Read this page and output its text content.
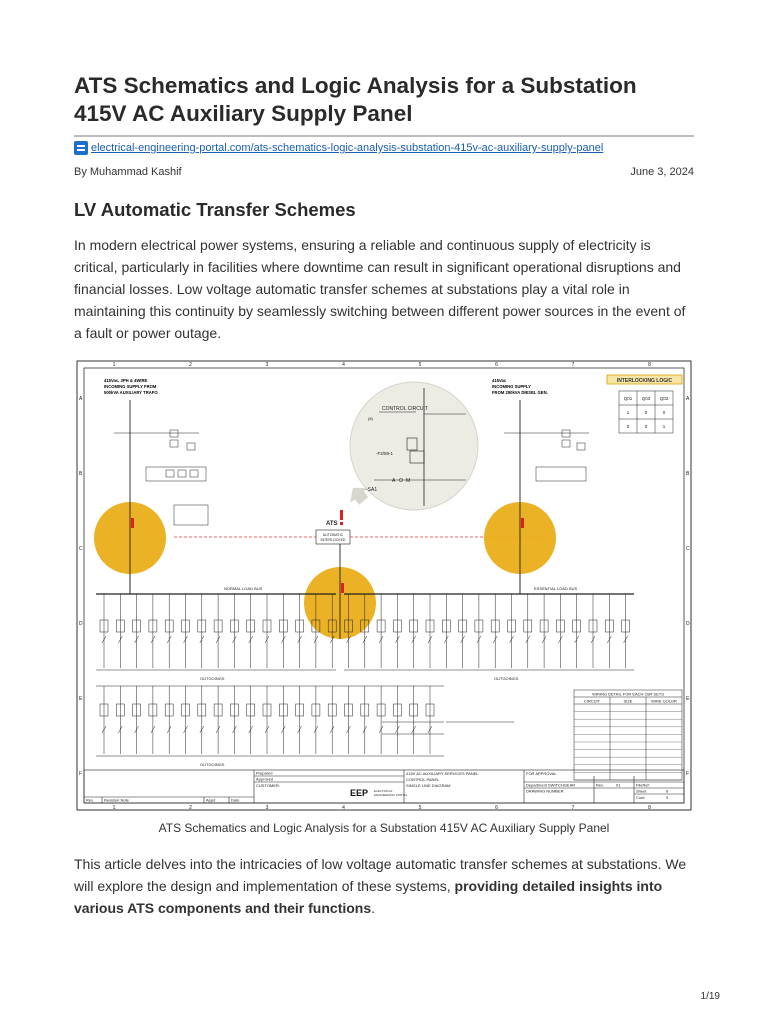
ATS Schematics and Logic Analysis for a Substation 415V AC Auxiliary Supply Panel
electrical-engineering-portal.com/ats-schematics-logic-analysis-substation-415v-ac-auxiliary-supply-panel
By Muhammad Kashif	June 3, 2024
LV Automatic Transfer Schemes

In modern electrical power systems, ensuring a reliable and continuous supply of electricity is critical, particularly in facilities where downtime can result in significant operational disruptions and financial losses. Low voltage automatic transfer schemes at substations play a vital role in maintaining this continuity by seamlessly switching between different power sources in the event of a fault or power outage.

1
1
2
2
3
3
4
4
5
5
6
6
7
7
8
8
A	A
B	B
C	C
D	D
E	E
F	F
415Vac, 3PH & 4WIRE
INCOMING SUPPLY FROM
500kVA AUXILIARY TRAFO
415Vac
INCOMING SUPPLY
FROM 250kVA DIESEL GEN.
INTERLOCKING LOGIC
Q01 Q03 Q02
1	0	0
0	0	1
CONTROL CIRCUIT
(8)
-F2/59-1
-SA1
A O M
ATS
AUTOMATIC
INTERLOCKED
NORMAL LOAD BUS	ESSENTIAL LOAD BUS
OUTGOINGS	OUTGOINGS
OUTGOINGS
WIRING DETAIL FOR EACH CB# SETS
CIRCUIT	SIZE	WIRE COLOR
Prepared
Approved
CUSTOMER:
415V AC AUXILIARY SERVICES PANEL
CONTROL PANEL
SINGLE LINE DIAGRAM
FOR APPROVAL
Department SWITCHGEAR
DRAWING NUMBER
Rev.	01	FileRef:
Sheet	8
Cont	9
Rev.	Revision Note	Appd	Date
EEP ELECTRICAL
ENGINEERING PORTAL
ATS Schematics and Logic Analysis for a Substation 415V AC Auxiliary Supply Panel

This article delves into the intricacies of low voltage automatic transfer schemes at substations. We will explore the design and implementation of these systems, providing detailed insights into various ATS components and their functions.

1/19
